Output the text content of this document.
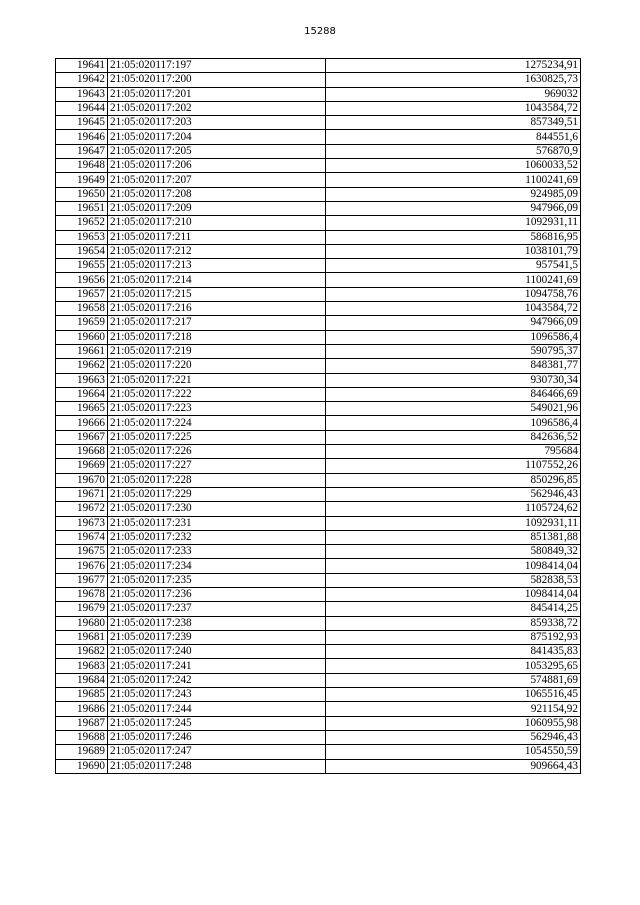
15288
19641	21:05:020117:197	1275234,91
19642	21:05:020117:200	1630825,73
19643	21:05:020117:201	969032
19644	21:05:020117:202	1043584,72
19645	21:05:020117:203	857349,51
19646	21:05:020117:204	844551,6
19647	21:05:020117:205	576870,9
19648	21:05:020117:206	1060033,52
19649	21:05:020117:207	1100241,69
19650	21:05:020117:208	924985,09
19651	21:05:020117:209	947966,09
19652	21:05:020117:210	1092931,11
19653	21:05:020117:211	586816,95
19654	21:05:020117:212	1038101,79
19655	21:05:020117:213	957541,5
19656	21:05:020117:214	1100241,69
19657	21:05:020117:215	1094758,76
19658	21:05:020117:216	1043584,72
19659	21:05:020117:217	947966,09
19660	21:05:020117:218	1096586,4
19661	21:05:020117:219	590795,37
19662	21:05:020117:220	848381,77
19663	21:05:020117:221	930730,34
19664	21:05:020117:222	846466,69
19665	21:05:020117:223	549021,96
19666	21:05:020117:224	1096586,4
19667	21:05:020117:225	842636,52
19668	21:05:020117:226	795684
19669	21:05:020117:227	1107552,26
19670	21:05:020117:228	850296,85
19671	21:05:020117:229	562946,43
19672	21:05:020117:230	1105724,62
19673	21:05:020117:231	1092931,11
19674	21:05:020117:232	851381,88
19675	21:05:020117:233	580849,32
19676	21:05:020117:234	1098414,04
19677	21:05:020117:235	582838,53
19678	21:05:020117:236	1098414,04
19679	21:05:020117:237	845414,25
19680	21:05:020117:238	859338,72
19681	21:05:020117:239	875192,93
19682	21:05:020117:240	841435,83
19683	21:05:020117:241	1053295,65
19684	21:05:020117:242	574881,69
19685	21:05:020117:243	1065516,45
19686	21:05:020117:244	921154,92
19687	21:05:020117:245	1060955,98
19688	21:05:020117:246	562946,43
19689	21:05:020117:247	1054550,59
19690	21:05:020117:248	909664,43
